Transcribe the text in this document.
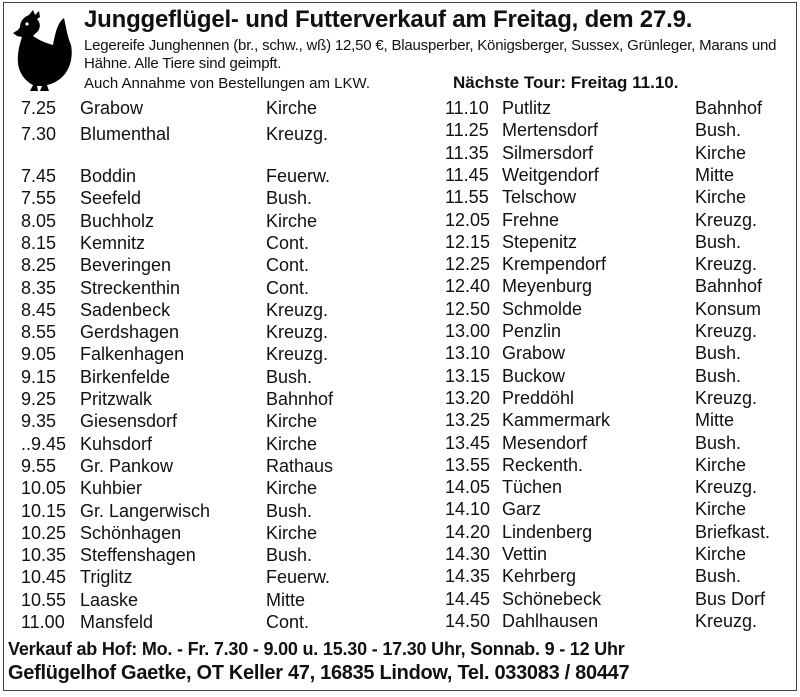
Junggeflügel- und Futterverkauf am Freitag, dem 27.9.
Legereife Junghennen (br., schw., wß) 12,50 €, Blausperber, Königsberger, Sussex, Grünleger, Marans und Hähne. Alle Tiere sind geimpft.
Auch Annahme von Bestellungen am LKW.	Nächste Tour: Freitag 11.10.
7.25 Grabow	Kirche
7.30 Blumenthal	Kreuzg.
7.45 Boddin	Feuerw.
7.55 Seefeld	Bush.
8.05 Buchholz	Kirche
8.15 Kemnitz	Cont.
8.25 Beveringen	Cont.
8.35 Streckenthin	Cont.
8.45 Sadenbeck	Kreuzg.
8.55 Gerdshagen	Kreuzg.
9.05 Falkenhagen	Kreuzg.
9.15 Birkenfelde	Bush.
9.25 Pritzwalk	Bahnhof
9.35 Giesensdorf	Kirche
..9.45 Kuhsdorf	Kirche
9.55 Gr. Pankow	Rathaus
10.05 Kuhbier	Kirche
10.15 Gr. Langerwisch	Bush.
10.25 Schönhagen	Kirche
10.35 Steffenshagen	Bush.
10.45 Triglitz	Feuerw.
10.55 Laaske	Mitte
11.00 Mansfeld	Cont.
11.10 Putlitz	Bahnhof
11.25 Mertensdorf	Bush.
11.35 Silmersdorf	Kirche
11.45 Weitgendorf	Mitte
11.55 Telschow	Kirche
12.05 Frehne	Kreuzg.
12.15 Stepenitz	Bush.
12.25 Krempendorf	Kreuzg.
12.40 Meyenburg	Bahnhof
12.50 Schmolde	Konsum
13.00 Penzlin	Kreuzg.
13.10 Grabow	Bush.
13.15 Buckow	Bush.
13.20 Preddöhl	Kreuzg.
13.25 Kammermark	Mitte
13.45 Mesendorf	Bush.
13.55 Reckenth.	Kirche
14.05 Tüchen	Kreuzg.
14.10 Garz	Kirche
14.20 Lindenberg	Briefkast.
14.30 Vettin	Kirche
14.35 Kehrberg	Bush.
14.45 Schönebeck	Bus Dorf
14.50 Dahlhausen	Kreuzg.
Verkauf ab Hof: Mo. - Fr. 7.30 - 9.00 u. 15.30 - 17.30 Uhr, Sonnab. 9 - 12 Uhr
Geflügelhof Gaetke, OT Keller 47, 16835 Lindow, Tel. 033083 / 80447
